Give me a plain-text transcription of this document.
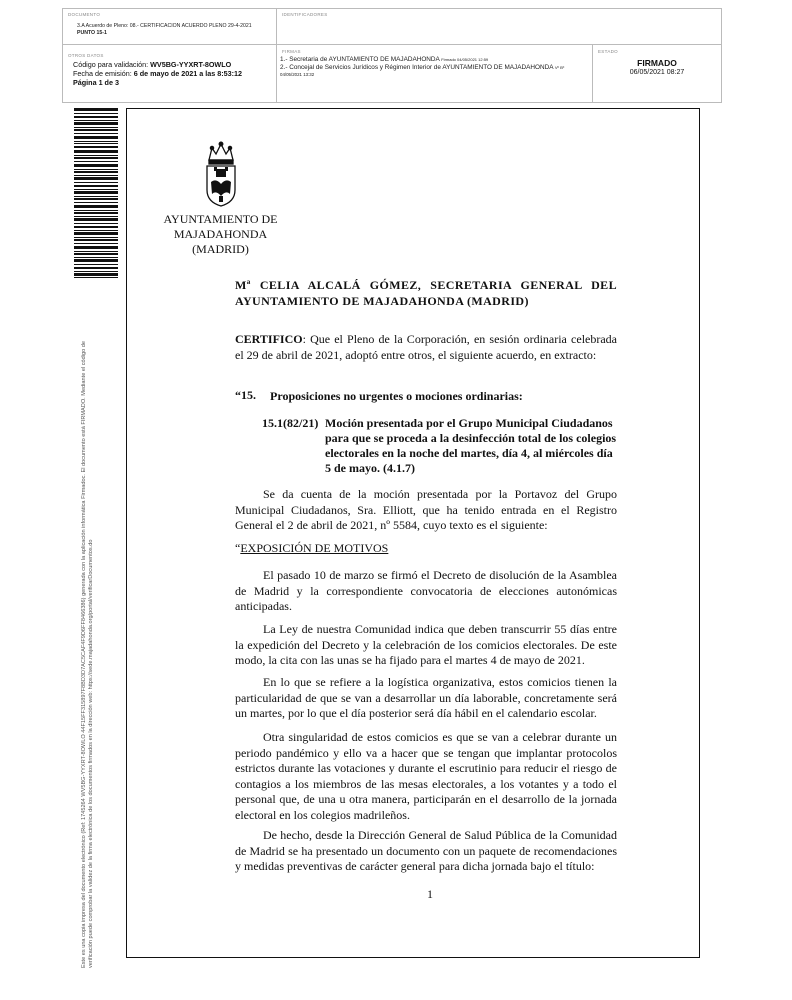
DOCUMENTO
3.A Acuerdo de Pleno: 08.- CERTIFICACION ACUERDO PLENO 29-4-2021
PUNTO 15-1
IDENTIFICADORES
OTROS DATOS
Código para validación: WV5BG-YYXRT-8OWLO
Fecha de emisión: 6 de mayo de 2021 a las 8:53:12
Página 1 de 3
FIRMAS
1.- Secretaria de AYUNTAMIENTO DE MAJADAHONDA Firmado 04/05/2021 12:59
2.- Concejal de Servicios Jurídicos y Régimen Interior de AYUNTAMIENTO DE MAJADAHONDA Vº Bº
04/05/2021 13:32
ESTADO
FIRMADO
06/05/2021 08:27
Este es una copia impresa del documento electrónico (Ref: 1745264 WV5BG-YYXRT-8OWLO 44F15FF315897F8BD3D7AC5CAF4F9D6FF8466386) generada con la aplicación informática Firmadoc. El documento está FIRMADO. Mediante el código de verificación puede comprobar la validez de la firma electrónica de los documentos firmados en la dirección web: https://sede.majadahonda.org/portal/verificarDocumentos.do
AYUNTAMIENTO DE
MAJADAHONDA
(MADRID)
Mª CELIA ALCALÁ GÓMEZ, SECRETARIA GENERAL DEL AYUNTAMIENTO DE MAJADAHONDA (MADRID)
CERTIFICO: Que el Pleno de la Corporación, en sesión ordinaria celebrada el 29 de abril de 2021, adoptó entre otros, el siguiente acuerdo, en extracto:
“15. Proposiciones no urgentes o mociones ordinarias:
15.1(82/21) Moción presentada por el Grupo Municipal Ciudadanos para que se proceda a la desinfección total de los colegios electorales en la noche del martes, día 4, al miércoles día 5 de mayo. (4.1.7)
Se da cuenta de la moción presentada por la Portavoz del Grupo Municipal Ciudadanos, Sra. Elliott, que ha tenido entrada en el Registro General el 2 de abril de 2021, nº 5584, cuyo texto es el siguiente:
“EXPOSICIÓN DE MOTIVOS
El pasado 10 de marzo se firmó el Decreto de disolución de la Asamblea de Madrid y la correspondiente convocatoria de elecciones autonómicas anticipadas.
La Ley de nuestra Comunidad indica que deben transcurrir 55 días entre la expedición del Decreto y la celebración de los comicios electorales. De este modo, la cita con las unas se ha fijado para el martes 4 de mayo de 2021.
En lo que se refiere a la logística organizativa, estos comicios tienen la particularidad de que se van a desarrollar un día laborable, concretamente será un martes, por lo que el día posterior será día hábil en el calendario escolar.
Otra singularidad de estos comicios es que se van a celebrar durante un periodo pandémico y ello va a hacer que se tengan que implantar protocolos estrictos durante las votaciones y durante el escrutinio para reducir el riesgo de contagios a los miembros de las mesas electorales, a los votantes y a todo el personal que, de una u otra manera, participarán en el desarrollo de la jornada electoral en los colegios madrileños.
De hecho, desde la Dirección General de Salud Pública de la Comunidad de Madrid se ha presentado un documento con un paquete de recomendaciones y medidas preventivas de carácter general para dicha jornada bajo el título:
1
